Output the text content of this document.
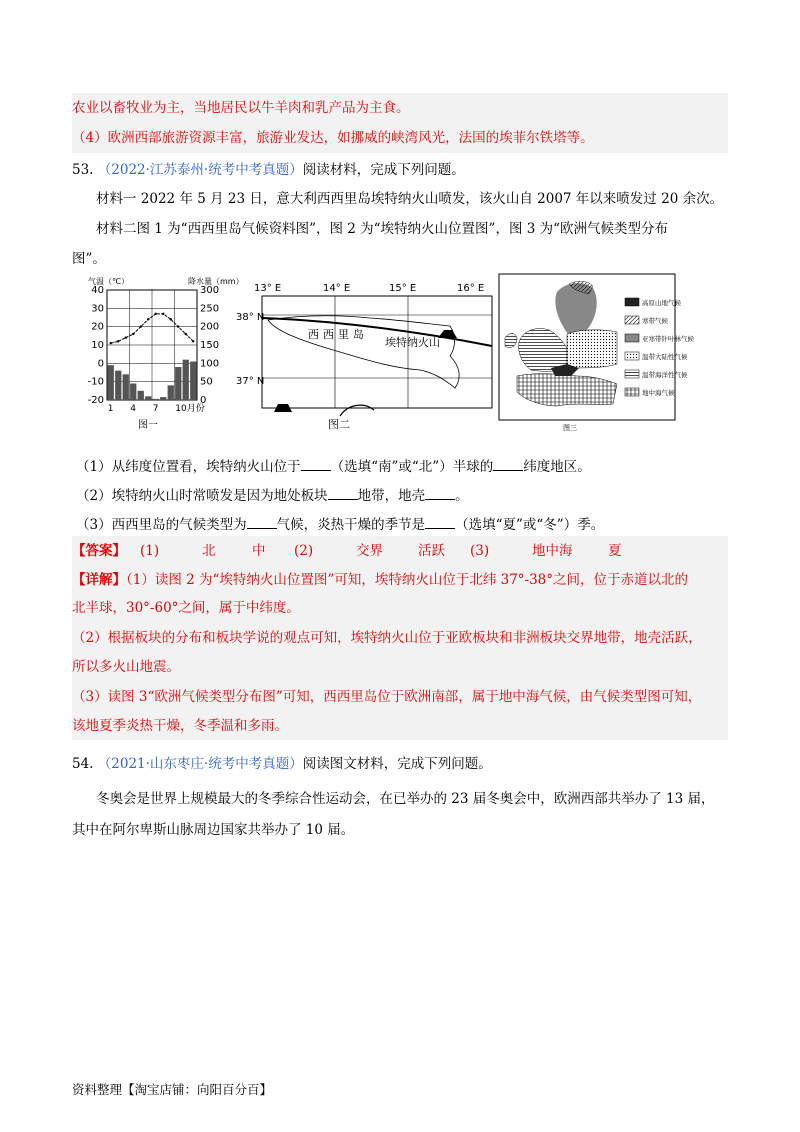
农业以畜牧业为主，当地居民以牛羊肉和乳产品为主食。
（4）欧洲西部旅游资源丰富，旅游业发达，如挪威的峡湾风光，法国的埃菲尔铁塔等。
53. （2022·江苏泰州·统考中考真题）阅读材料，完成下列问题。
材料一 2022 年 5 月 23 日，意大利西西里岛埃特纳火山喷发，该火山自 2007 年以来喷发过 20 余次。
材料二图 1 为“西西里岛气候资料图”，图 2 为“埃特纳火山位置图”，图 3 为“欧洲气候类型分布
图”。
气温（℃）	降水量（mm）
40
30
20
10
0
-10
-20
300
250
200
150
100
50
0
1 4 7 10月份
图一
13° E	14° E	15° E	16° E
38° N
37° N
西西里岛
埃特纳火山
图二
高原山地气候
寒带气候
亚寒带针叶林气候
温带大陆性气候
温带海洋性气候
地中海气候
图三
（1）从纬度位置看，埃特纳火山位于 （选填“南”或“北”）半球的 纬度地区。
（2）埃特纳火山时常喷发是因为地处板块 地带，地壳 。
（3）西西里岛的气候类型为 气候，炎热干燥的季节是 （选填“夏”或“冬”）季。
【答案】 (1)	北	中 (2)	交界	活跃 (3)	地中海	夏
【详解】（1）读图 2 为“埃特纳火山位置图”可知，埃特纳火山位于北纬 37°-38°之间，位于赤道以北的
北半球，30°-60°之间，属于中纬度。
（2）根据板块的分布和板块学说的观点可知，埃特纳火山位于亚欧板块和非洲板块交界地带，地壳活跃，
所以多火山地震。
（3）读图 3“欧洲气候类型分布图”可知，西西里岛位于欧洲南部，属于地中海气候，由气候类型图可知，
该地夏季炎热干燥，冬季温和多雨。
54. （2021·山东枣庄·统考中考真题）阅读图文材料，完成下列问题。
冬奥会是世界上规模最大的冬季综合性运动会，在已举办的 23 届冬奥会中，欧洲西部共举办了 13 届，
其中在阿尔卑斯山脉周边国家共举办了 10 届。
资料整理【淘宝店铺：向阳百分百】
